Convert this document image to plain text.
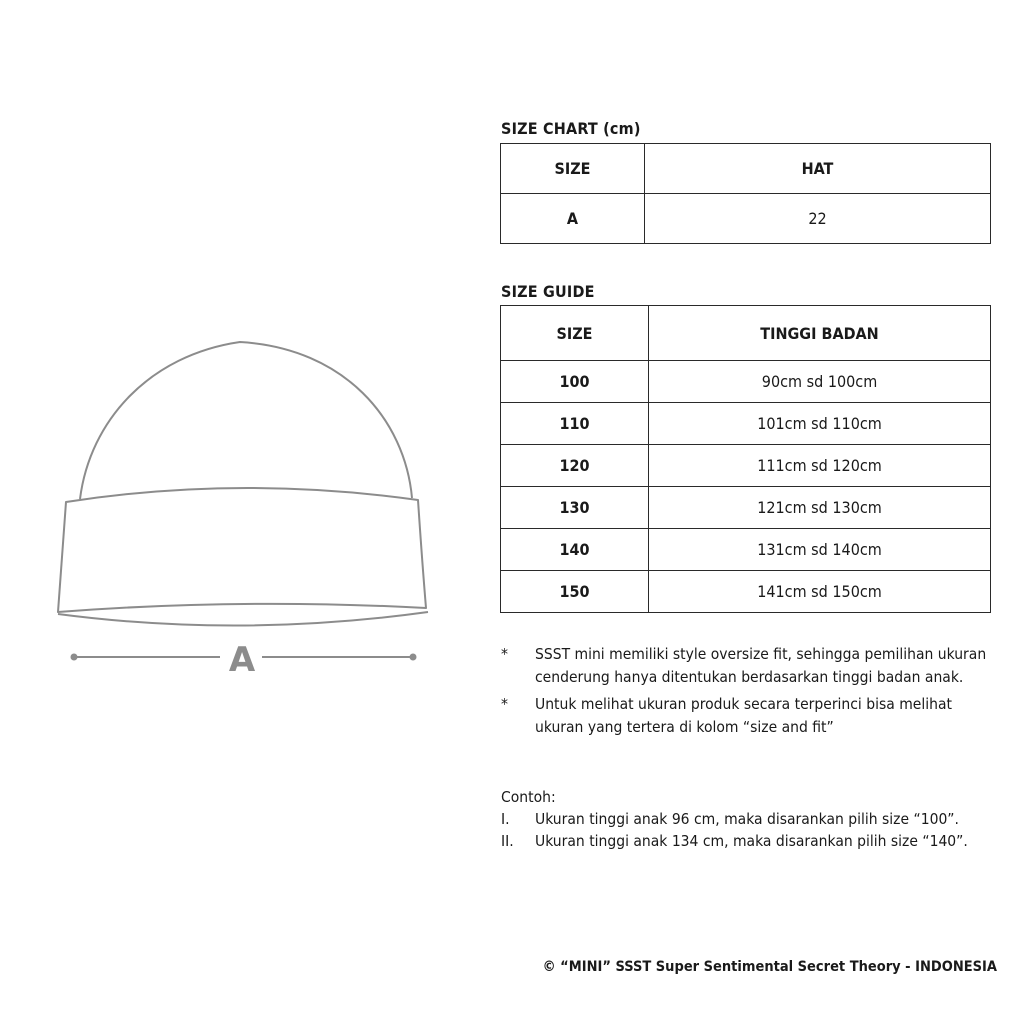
A
SIZE CHART (cm)
SIZE	HAT
A	22
SIZE GUIDE
SIZE	TINGGI BADAN
100	90cm sd 100cm
110	101cm sd 110cm
120	111cm sd 120cm
130	121cm sd 130cm
140	131cm sd 140cm
150	141cm sd 150cm
*	SSST mini memiliki style oversize fit, sehingga pemilihan ukuran cenderung hanya ditentukan berdasarkan tinggi badan anak.
*	Untuk melihat ukuran produk secara terperinci bisa melihat ukuran yang tertera di kolom “size and fit”
Contoh:
I.	Ukuran tinggi anak 96 cm, maka disarankan pilih size “100”.
II.	Ukuran tinggi anak 134 cm, maka disarankan pilih size “140”.
© “MINI” SSST Super Sentimental Secret Theory - INDONESIA
